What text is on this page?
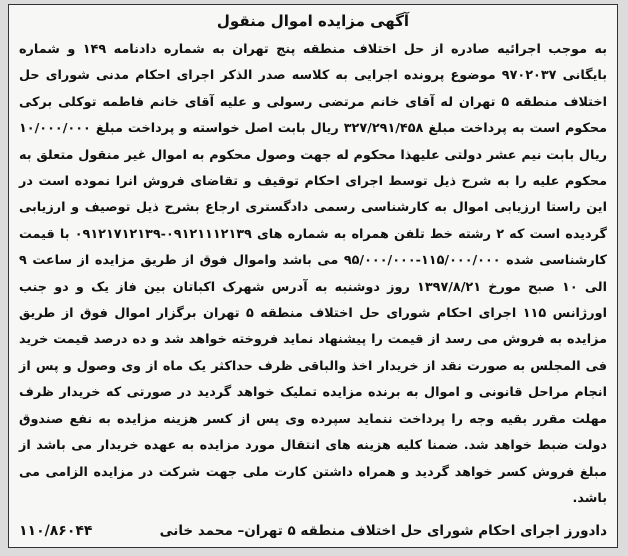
آگهی مزایده اموال منقول

به موجب اجرائیه صادره از حل اختلاف منطقه پنج تهران به شماره دادنامه ۱۴۹ و شماره بایگانی ۹۷۰۲۰۳۷ موضوع پرونده اجرایی به کلاسه صدر الذکر اجرای احکام مدنی شورای حل اختلاف منطقه ۵ تهران له آقای خانم مرتضی رسولی و علیه آقای خانم فاطمه توکلی برکی محکوم است به پرداخت مبلغ ۳۲۷/۲۹۱/۴۵۸ ریال بابت اصل خواسته و پرداخت مبلغ ۱۰/۰۰۰/۰۰۰ ریال بابت نیم عشر دولتی علیهذا محکوم له جهت وصول محکوم به اموال غیر منقول متعلق به محکوم علیه را به شرح ذیل توسط اجرای احکام توقیف و تقاضای فروش انرا نموده است در این راستا ارزیابی اموال به کارشناسی رسمی دادگستری ارجاع بشرح ذیل توصیف و ارزیابی گردیده است که ۲ رشته خط تلفن همراه به شماره های ۰۹۱۲۱۱۱۲۱۳۹-۰۹۱۲۱۷۱۲۱۳۹ با قیمت کارشناسی شده ۱۱۵/۰۰۰/۰۰۰-۹۵/۰۰۰/۰۰۰ می باشد واموال فوق از طریق مزایده از ساعت ۹ الی ۱۰ صبح مورخ ۱۳۹۷/۸/۲۱ روز دوشنبه به آدرس شهرک اکباتان بین فاز یک و دو جنب اورژانس ۱۱۵ اجرای احکام شورای حل اختلاف منطقه ۵ تهران برگزار اموال فوق از طریق مزایده به فروش می رسد از قیمت را پیشنهاد نماید فروخته خواهد شد و ده درصد قیمت خرید فی المجلس به صورت نقد از خریدار اخذ والباقی ظرف حداکثر یک ماه از وی وصول و پس از انجام مراحل قانونی و اموال به برنده مزایده تملیک خواهد گردید در صورتی که خریدار ظرف مهلت مقرر بقیه وجه را پرداخت ننماید سپرده وی پس از کسر هزینه مزایده به نفع صندوق دولت ضبط خواهد شد. ضمنا کلیه هزینه های انتقال مورد مزایده به عهده خریدار می باشد از مبلغ فروش کسر خواهد گردید و همراه داشتن کارت ملی جهت شرکت در مزایده الزامی می باشد.

دادورز اجرای احکام شورای حل اختلاف منطقه ۵ تهران– محمد خانی
۱۱۰/۸۶۰۴۴
